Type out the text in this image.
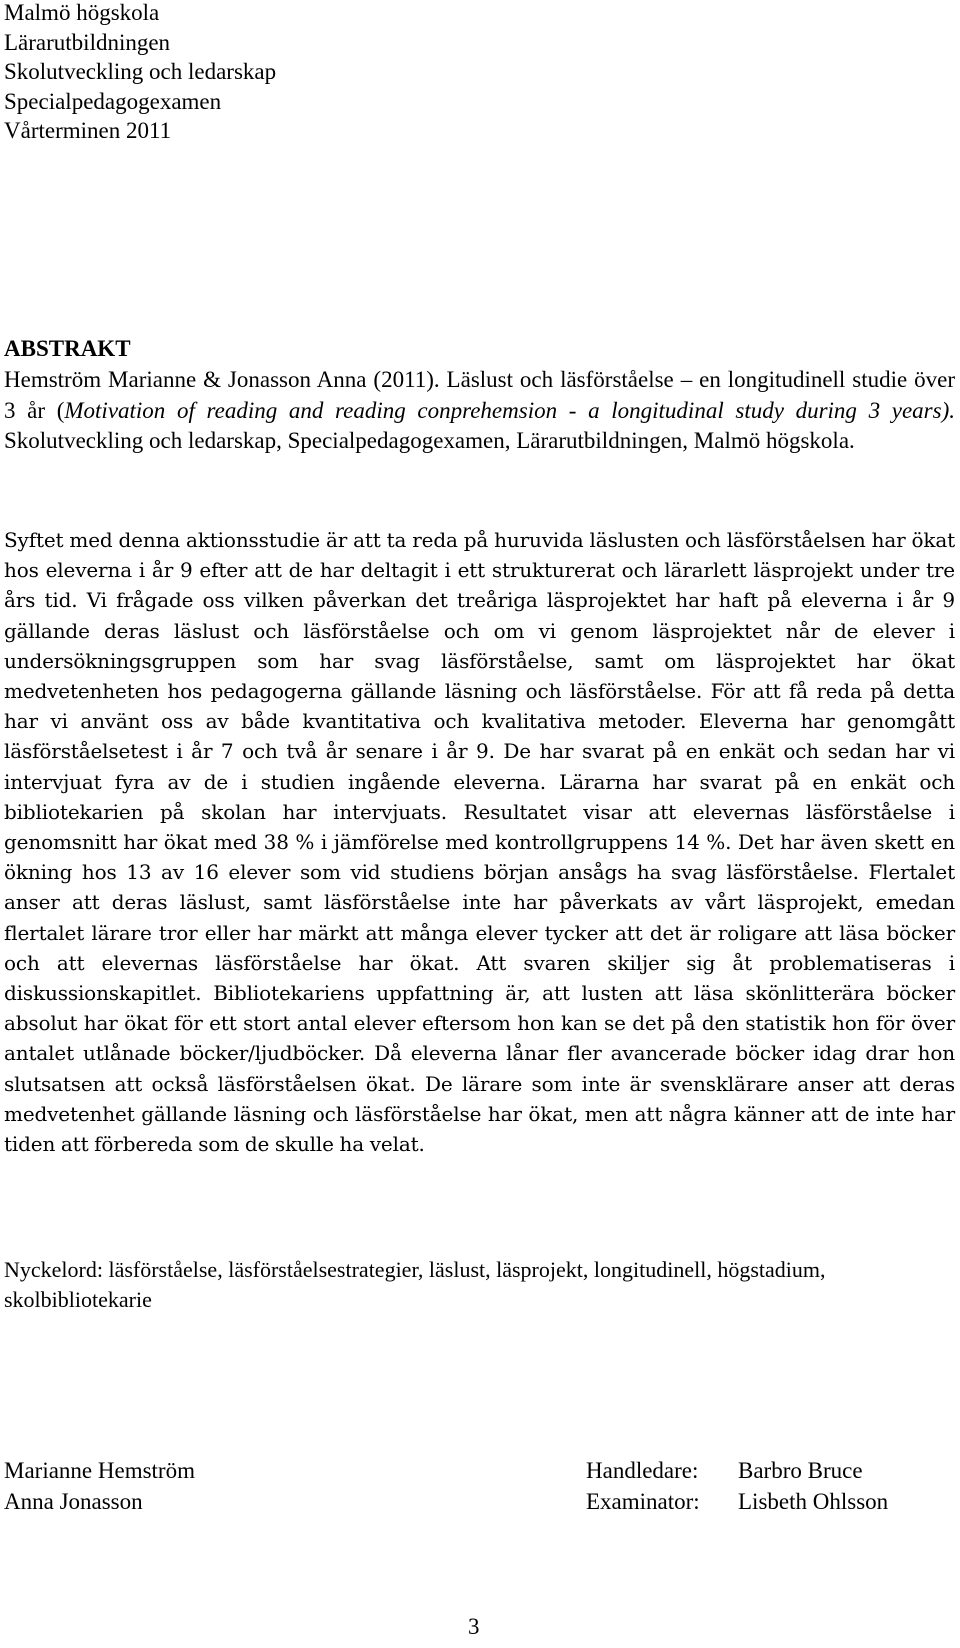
Malmö högskola
Lärarutbildningen
Skolutveckling och ledarskap
Specialpedagogexamen
Vårterminen 2011
ABSTRAKT
Hemström Marianne & Jonasson Anna (2011). Läslust och läsförståelse – en longitudinell studie över 3 år (Motivation of reading and reading conprehemsion - a longitudinal study during 3 years). Skolutveckling och ledarskap, Specialpedagogexamen, Lärarutbildningen, Malmö högskola.
Syftet med denna aktionsstudie är att ta reda på huruvida läslusten och läsförståelsen har ökat hos eleverna i år 9 efter att de har deltagit i ett strukturerat och lärarlett läsprojekt under tre års tid. Vi frågade oss vilken påverkan det treåriga läsprojektet har haft på eleverna i år 9 gällande deras läslust och läsförståelse och om vi genom läsprojektet når de elever i undersökningsgruppen som har svag läsförståelse, samt om läsprojektet har ökat medvetenheten hos pedagogerna gällande läsning och läsförståelse. För att få reda på detta har vi använt oss av både kvantitativa och kvalitativa metoder. Eleverna har genomgått läsförståelsetest i år 7 och två år senare i år 9. De har svarat på en enkät och sedan har vi intervjuat fyra av de i studien ingående eleverna. Lärarna har svarat på en enkät och bibliotekarien på skolan har intervjuats. Resultatet visar att elevernas läsförståelse i genomsnitt har ökat med 38 % i jämförelse med kontrollgruppens 14 %. Det har även skett en ökning hos 13 av 16 elever som vid studiens början ansågs ha svag läsförståelse. Flertalet anser att deras läslust, samt läsförståelse inte har påverkats av vårt läsprojekt, emedan flertalet lärare tror eller har märkt att många elever tycker att det är roligare att läsa böcker och att elevernas läsförståelse har ökat. Att svaren skiljer sig åt problematiseras i diskussionskapitlet. Bibliotekariens uppfattning är, att lusten att läsa skönlitterära böcker absolut har ökat för ett stort antal elever eftersom hon kan se det på den statistik hon för över antalet utlånade böcker/ljudböcker. Då eleverna lånar fler avancerade böcker idag drar hon slutsatsen att också läsförståelsen ökat. De lärare som inte är svensklärare anser att deras medvetenhet gällande läsning och läsförståelse har ökat, men att några känner att de inte har tiden att förbereda som de skulle ha velat.
Nyckelord: läsförståelse, läsförståelsestrategier, läslust, läsprojekt, longitudinell, högstadium, skolbibliotekarie
Marianne Hemström
Anna Jonasson
Handledare: Barbro Bruce
Examinator: Lisbeth Ohlsson
3
